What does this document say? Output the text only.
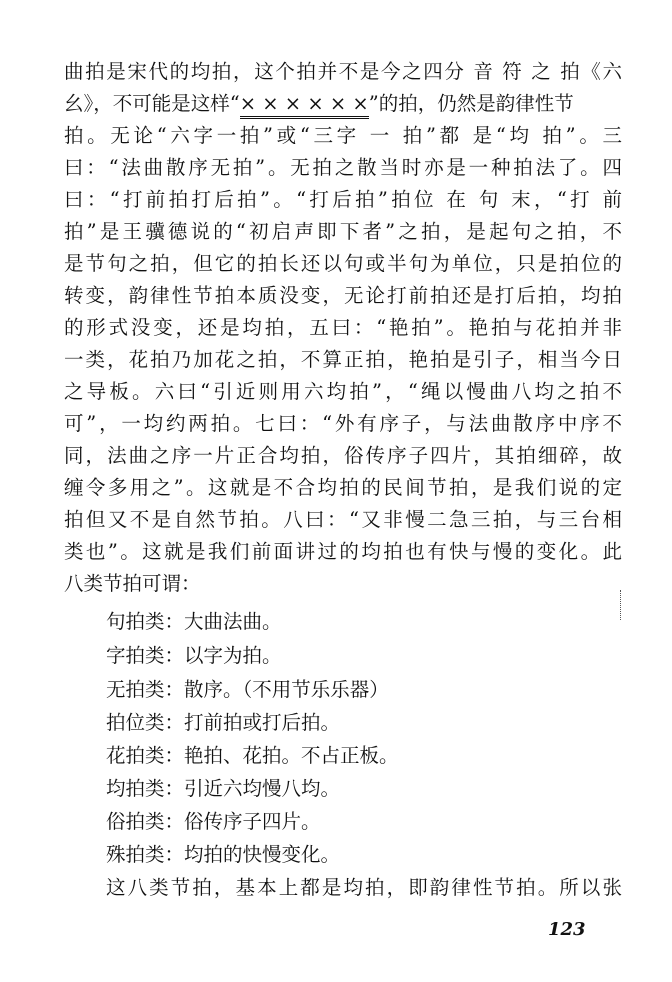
曲拍是宋代的均拍，这个拍并不是今之四分 音 符 之 拍《六
幺》，不可能是这样“× × × × × ×”的拍，仍然是韵律性节
拍。无论“六字一拍”或“三字 一 拍”都 是“均 拍”。三
曰：“法曲散序无拍”。无拍之散当时亦是一种拍法了。四
曰：“打前拍打后拍”。“打后拍”拍位 在 句 末，“打 前
拍”是王骥德说的“初启声即下者”之拍，是起句之拍，不
是节句之拍，但它的拍长还以句或半句为单位，只是拍位的
转变，韵律性节拍本质没变，无论打前拍还是打后拍，均拍
的形式没变，还是均拍，五曰：“艳拍”。艳拍与花拍并非
一类，花拍乃加花之拍，不算正拍，艳拍是引子，相当今日
之导板。六曰“引近则用六均拍”，“绳以慢曲八均之拍不
可”，一均约两拍。七曰：“外有序子，与法曲散序中序不
同，法曲之序一片正合均拍，俗传序子四片，其拍细碎，故
缠令多用之”。这就是不合均拍的民间节拍，是我们说的定
拍但又不是自然节拍。八曰：“又非慢二急三拍，与三台相
类也”。这就是我们前面讲过的均拍也有快与慢的变化。此
八类节拍可谓：
句拍类：大曲法曲。
字拍类：以字为拍。
无拍类：散序。（不用节乐乐器）
拍位类：打前拍或打后拍。
花拍类：艳拍、花拍。不占正板。
均拍类：引近六均慢八均。
俗拍类：俗传序子四片。
殊拍类：均拍的快慢变化。
这八类节拍，基本上都是均拍，即韵律性节拍。所以张
123
